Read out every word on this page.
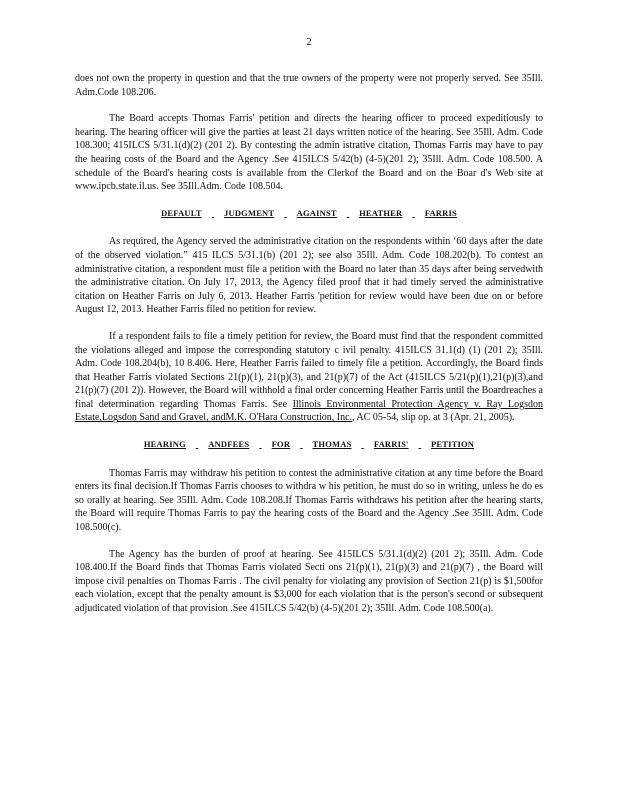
2

does not own the property in question and that the true owners of the property were not properly served. See 35Ill. Adm.Code 108.206.

The Board accepts Thomas Farris' petition and directs the hearing officer to proceed expeditiously to hearing. The hearing officer will give the parties at least 21 days written notice of the hearing. See 35Ill. Adm. Code 108.300; 415ILCS 5/31.1(d)(2) (201 2). By contesting the admin istrative citation, Thomas Farris may have to pay the hearing costs of the Board and the Agency .See 415ILCS 5/42(b) (4-5)(201 2); 35Ill. Adm. Code 108.500. A schedule of the Board's hearing costs is available from the Clerkof the Board and on the Boar d's Web site at www.ipcb.state.il.us. See 35Ill.Adm. Code 108.504.

DEFAULT	JUDGMENT	AGAINST	HEATHER	FARRIS

As required, the Agency served the administrative citation on the respondents within ‘60 days after the date of the observed violation.” 415 ILCS 5/31.1(b) (201 2); see also 35Ill. Adm. Code 108.202(b). To contest an administrative citation, a respondent must file a petition with the Board no later than 35 days after being servedwith the administrative citation. On July 17, 2013, the Agency filed proof that it had timely served the administrative citation on Heather Farris on July 6, 2013. Heather Farris 'petition for review would have been due on or before August 12, 2013. Heather Farris filed no petition for review.

If a respondent fails to file a timely petition for review, the Board must find that the respondent committed the violations alleged and impose the corresponding statutory c ivil penalty. 415ILCS 31.1(d) (1) (201 2); 35Ill. Adm. Code 108.204(b), 10 8.406. Here, Heather Farris failed to timely file a petition. Accordingly, the Board finds that Heather Farris violated Sections 21(p)(1), 21(p)(3), and 21(p)(7) of the Act (415ILCS 5/21(p)(1),21(p)(3),and 21(p)(7) (201 2)). However, the Board will withhold a final order concerning Heather Farris until the Boardreaches a final determination regarding Thomas Farris. See Illinois Environmental Protection Agency v. Ray Logsdon Estate,Logsdon Sand and Gravel, andM.K. O'Hara Construction, Inc., AC 05-54, slip op. at 3 (Apr. 21, 2005).

HEARING	ANDFEES	FOR	THOMAS	FARRIS'	PETITION

Thomas Farris may withdraw his petition to contest the administrative citation at any time before the Board enters its final decision.If Thomas Farris chooses to withdra w his petition, he must do so in writing, unless he do es so orally at hearing. See 35Ill. Adm. Code 108.208.If Thomas Farris withdraws his petition after the hearing starts, the Board will require Thomas Farris to pay the hearing costs of the Board and the Agency .See 35Ill. Adm. Code 108.500(c).

The Agency has the burden of proof at hearing. See 415ILCS 5/31.1(d)(2) (201 2); 35Ill. Adm. Code 108.400.If the Board finds that Thomas Farris violated Secti ons 21(p)(1), 21(p)(3) and 21(p)(7) , the Board will impose civil penalties on Thomas Farris . The civil penalty for violating any provision of Section 21(p) is $1,500for each violation, except that the penalty amount is $3,000 for each violation that is the person's second or subsequent adjudicated violation of that provision .See 415ILCS 5/42(b) (4-5)(201 2); 35Ill. Adm. Code 108.500(a).
